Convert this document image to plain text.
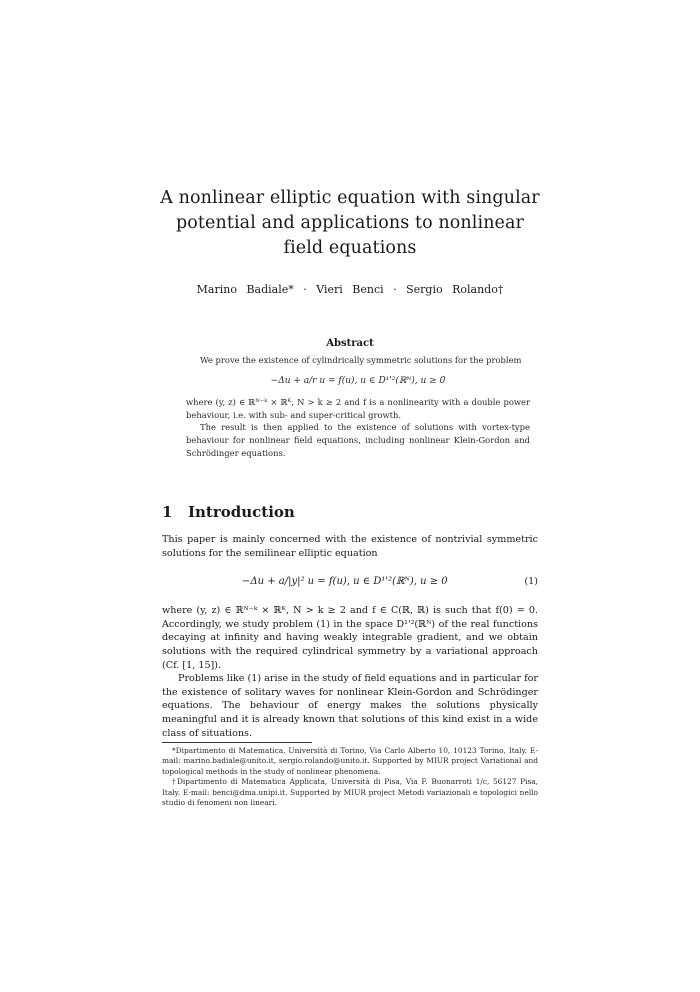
A nonlinear elliptic equation with singular potential and applications to nonlinear field equations
Marino Badiale* · Vieri Benci · Sergio Rolando†
Abstract

We prove the existence of cylindrically symmetric solutions for the problem

−Δu + a/r u = f(u), u ∈ D¹'²(ℝᴺ), u ≥ 0

where (y, z) ∈ ℝᴺ⁻ᵏ × ℝᴷ, N > k ≥ 2 and f is a nonlinearity with a double power behaviour, i.e. with sub- and super-critical growth.

The result is then applied to the existence of solutions with vortex-type behaviour for nonlinear field equations, including nonlinear Klein-Gordon and Schrödinger equations.

1 Introduction

This paper is mainly concerned with the existence of nontrivial symmetric solutions for the semilinear elliptic equation

−Δu + a/|y|² u = f(u), u ∈ D¹'²(ℝᴺ), u ≥ 0	(1)

where (y, z) ∈ ℝᴺ⁻ᵏ × ℝᴷ, N > k ≥ 2 and f ∈ C(ℝ, ℝ) is such that f(0) = 0. Accordingly, we study problem (1) in the space D¹'²(ℝᴺ) of the real functions decaying at infinity and having weakly integrable gradient, and we obtain solutions with the required cylindrical symmetry by a variational approach (Cf. [1, 15]).

Problems like (1) arise in the study of field equations and in particular for the existence of solitary waves for nonlinear Klein-Gordon and Schrödinger equations. The behaviour of energy makes the solutions physically meaningful and it is already known that solutions of this kind exist in a wide class of situations.

*Dipartimento di Matematica, Università di Torino, Via Carlo Alberto 10, 10123 Torino, Italy. E-mail: marino.badiale@unito.it, sergio.rolando@unito.it. Supported by MIUR project Variational and topological methods in the study of nonlinear phenomena.

†Dipartimento di Matematica Applicata, Università di Pisa, Via F. Buonarroti 1/c, 56127 Pisa, Italy. E-mail: benci@dma.unipi.it. Supported by MIUR project Metodi variazionali e topologici nello studio di fenomeni non lineari.
